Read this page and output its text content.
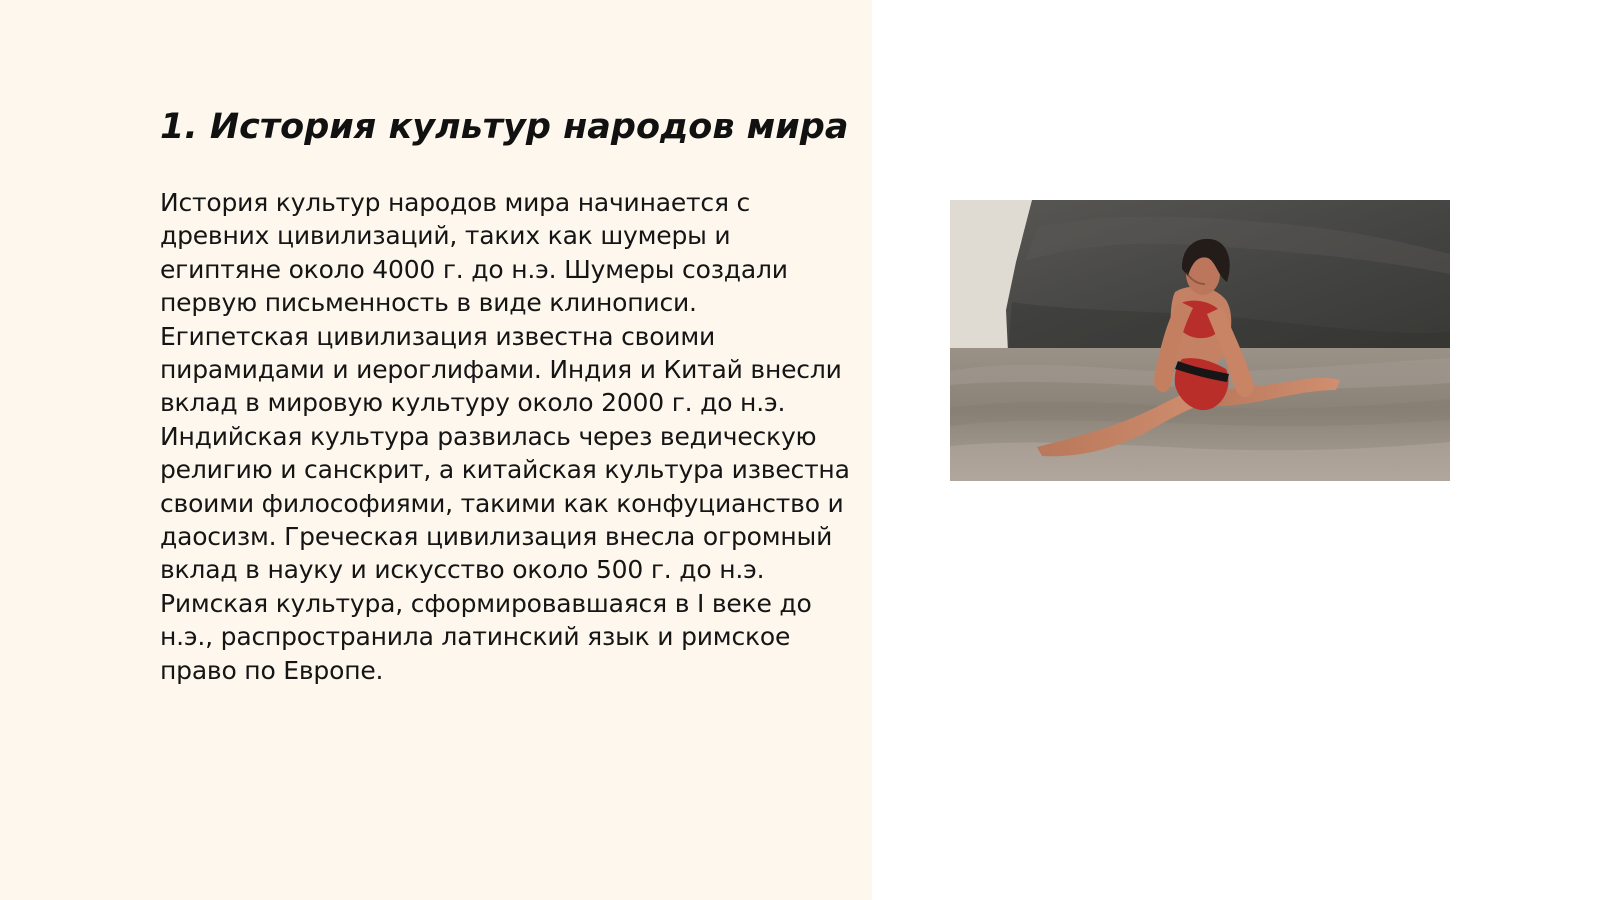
1. История культур народов мира

История культур народов мира начинается с древних цивилизаций, таких как шумеры и египтяне около 4000 г. до н.э. Шумеры создали первую письменность в виде клинописи. Египетская цивилизация известна своими пирамидами и иероглифами. Индия и Китай внесли вклад в мировую культуру около 2000 г. до н.э. Индийская культура развилась через ведическую религию и санскрит, а китайская культура известна своими философиями, такими как конфуцианство и даосизм. Греческая цивилизация внесла огромный вклад в науку и искусство около 500 г. до н.э. Римская культура, сформировавшаяся в I веке до н.э., распространила латинский язык и римское право по Европе.
